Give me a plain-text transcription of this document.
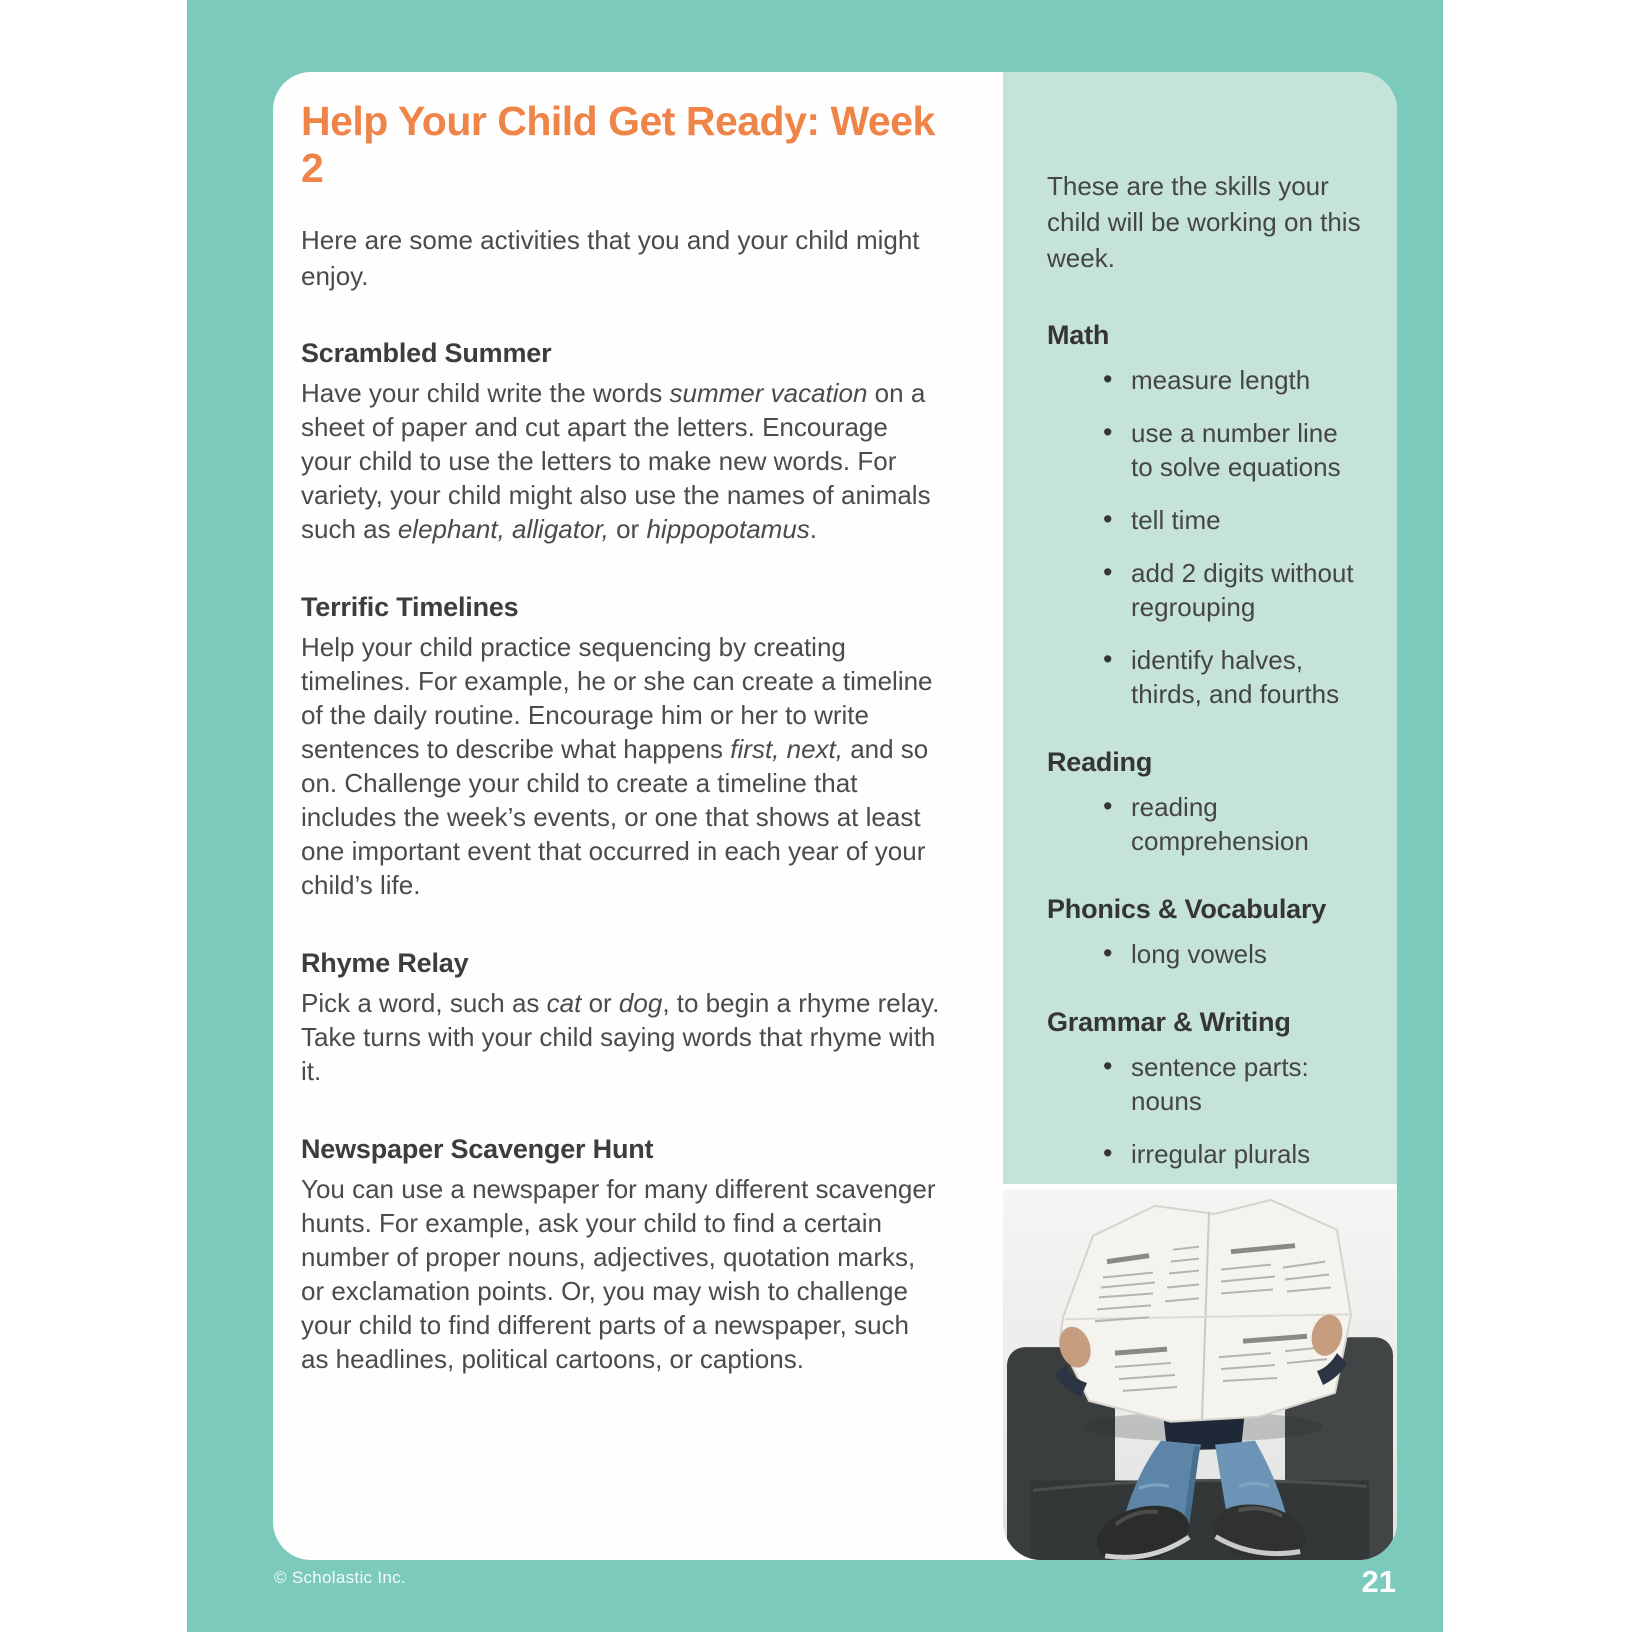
Help Your Child Get Ready: Week 2

Here are some activities that you and your child might enjoy.

Scrambled Summer

Have your child write the words summer vacation on a sheet of paper and cut apart the letters. Encourage your child to use the letters to make new words. For variety, your child might also use the names of animals such as elephant, alligator, or hippopotamus.

Terrific Timelines

Help your child practice sequencing by creating timelines. For example, he or she can create a timeline of the daily routine. Encourage him or her to write sentences to describe what happens first, next, and so on. Challenge your child to create a timeline that includes the week’s events, or one that shows at least one important event that occurred in each year of your child’s life.

Rhyme Relay

Pick a word, such as cat or dog, to begin a rhyme relay. Take turns with your child saying words that rhyme with it.

Newspaper Scavenger Hunt

You can use a newspaper for many different scavenger hunts. For example, ask your child to find a certain number of proper nouns, adjectives, quotation marks, or exclamation points. Or, you may wish to challenge your child to find different parts of a newspaper, such as headlines, political cartoons, or captions.

These are the skills your child will be working on this week.

Math
• measure length
• use a number line to solve equations
• tell time
• add 2 digits without regrouping
• identify halves, thirds, and fourths
Reading
• reading comprehension
Phonics & Vocabulary
• long vowels
Grammar & Writing
• sentence parts: nouns
• irregular plurals
•
© Scholastic Inc.	21
